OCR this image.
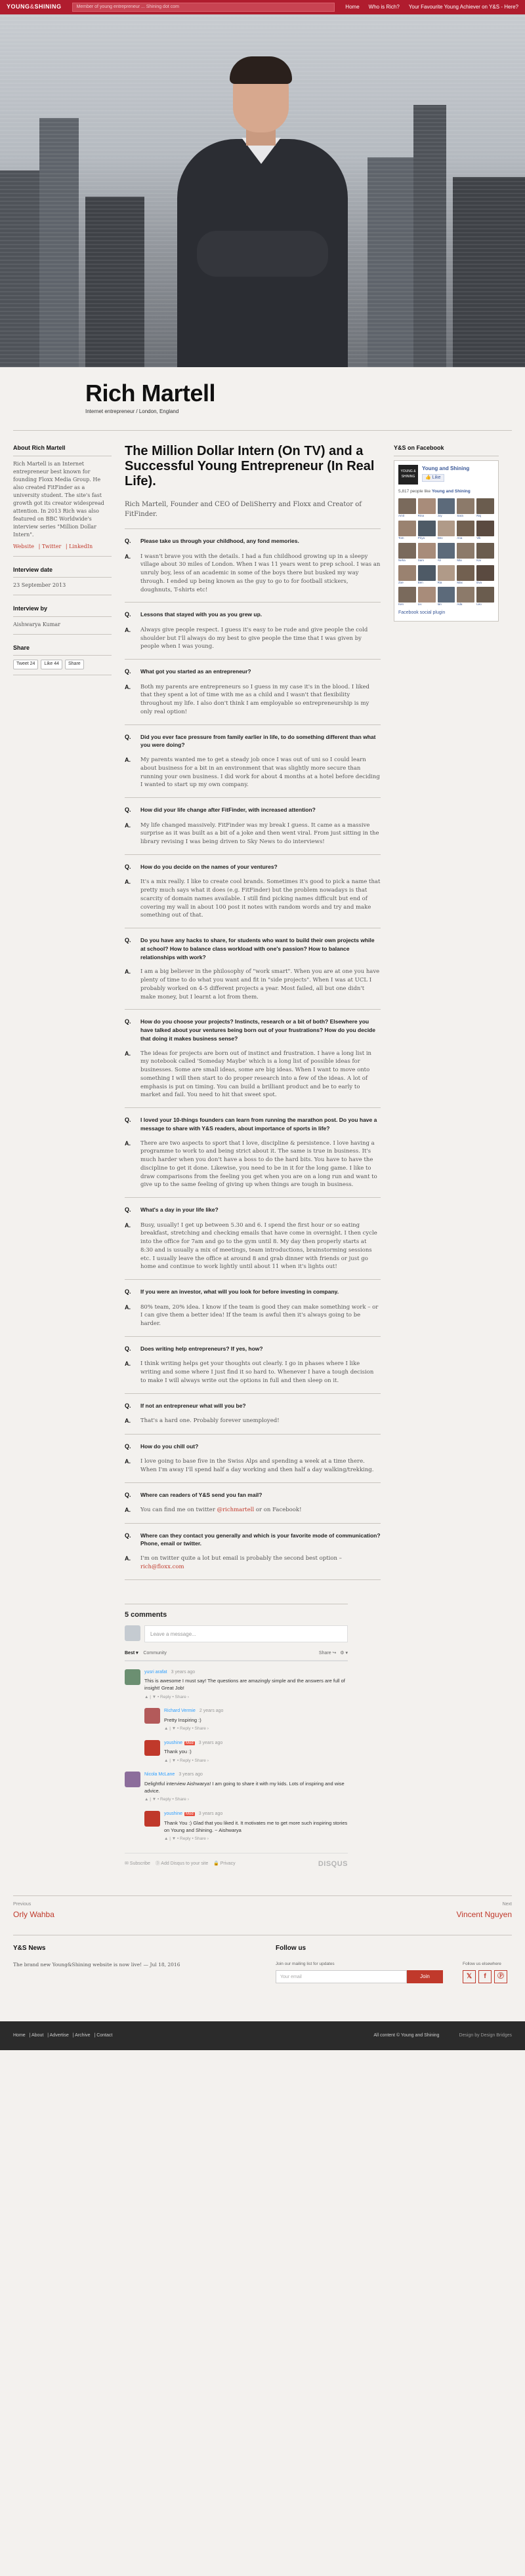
YOUNG&SHINING	Member of young entrepreneur ... Shining dot com	Home Who is Rich? Your Favourite Young Achiever on Y&S - Here?
Rich Martell
Internet entrepreneur / London, England
About Rich Martell

Rich Martell is an Internet entrepreneur best known for founding Floxx Media Group. He also created FitFinder as a university student. The site's fast growth got its creator widespread attention. In 2013 Rich was also featured on BBC Worldwide's interview series "Million Dollar Intern".

Website | Twitter | LinkedIn
Interview date
23 September 2013
Interview by
Aishwarya Kumar
Share
Tweet 24	Like 44	Share
The Million Dollar Intern (On TV) and a Successful Young Entrepreneur (In Real Life).
Rich Martell, Founder and CEO of DeliSherry and Floxx and Creator of FitFinder.
Q.	Please take us through your childhood, any fond memories.
A.	I wasn't brave you with the details. I had a fun childhood growing up in a sleepy village about 30 miles of London. When I was 11 years went to prep school. I was an unruly boy, less of an academic in some of the boys there but busked my way through. I ended up being known as the guy to go to for football stickers, doughnuts, T-shirts etc!
Q.	Lessons that stayed with you as you grew up.
A.	Always give people respect. I guess it's easy to be rude and give people the cold shoulder but I'll always do my best to give people the time that I was given by people when I was young.
Q.	What got you started as an entrepreneur?
A.	Both my parents are entrepreneurs so I guess in my case it's in the blood. I liked that they spent a lot of time with me as a child and I wasn't that flexibility throughout my life. I also don't think I am employable so entrepreneurship is my only real option!
Q.	Did you ever face pressure from family earlier in life, to do something different than what you were doing?
A.	My parents wanted me to get a steady job once I was out of uni so I could learn about business for a bit in an environment that was slightly more secure than running your own business. I did work for about 4 months at a hotel before deciding I wanted to start up my own company.
Q.	How did your life change after FitFinder, with increased attention?
A.	My life changed massively. FitFinder was my break I guess. It came as a massive surprise as it was built as a bit of a joke and then went viral. From just sitting in the library revising I was being driven to Sky News to do interviews!
Q.	How do you decide on the names of your ventures?
A.	It's a mix really. I like to create cool brands. Sometimes it's good to pick a name that pretty much says what it does (e.g. FitFinder) but the problem nowadays is that scarcity of domain names available. I still find picking names difficult but end of covering my wall in about 100 post it notes with random words and try and make something out of that.
Q.	Do you have any hacks to share, for students who want to build their own projects while at school? How to balance class workload with one's passion? How to balance relationships with work?
A.	I am a big believer in the philosophy of "work smart". When you are at one you have plenty of time to do what you want and fit in "side projects". When I was at UCL I probably worked on 4-5 different projects a year. Most failed, all but one didn't make money, but I learnt a lot from them.
Q.	How do you choose your projects? Instincts, research or a bit of both? Elsewhere you have talked about your ventures being born out of your frustrations? How do you decide that doing it makes business sense?
A.	The ideas for projects are born out of instinct and frustration. I have a long list in my notebook called 'Someday Maybe' which is a long list of possible ideas for businesses. Some are small ideas, some are big ideas. When I want to move onto something I will then start to do proper research into a few of the ideas. A lot of emphasis is put on timing. You can build a brilliant product and be to early to market and fail. You need to hit that sweet spot.
Q.	I loved your 10-things founders can learn from running the marathon post. Do you have a message to share with Y&S readers, about importance of sports in life?
A.	There are two aspects to sport that I love, discipline & persistence. I love having a programme to work to and being strict about it. The same is true in business. It's much harder when you don't have a boss to do the hard bits. You have to have the discipline to get it done. Likewise, you need to be in it for the long game. I like to draw comparisons from the feeling you get when you are on a long run and want to give up to the same feeling of giving up when things are tough in business.
Q.	What's a day in your life like?
A.	Busy, usually! I get up between 5.30 and 6. I spend the first hour or so eating breakfast, stretching and checking emails that have come in overnight. I then cycle into the office for 7am and go to the gym until 8. My day then properly starts at 8:30 and is usually a mix of meetings, team introductions, brainstorming sessions etc. I usually leave the office at around 8 and grab dinner with friends or just go home and continue to work lightly until about 11 when it's lights out!
Q.	If you were an investor, what will you look for before investing in company.
A.	80% team, 20% idea. I know if the team is good they can make something work – or I can give them a better idea! If the team is awful then it's always going to be harder.
Q.	Does writing help entrepreneurs? If yes, how?
A.	I think writing helps get your thoughts out clearly. I go in phases where I like writing and some where I just find it so hard to. Whenever I have a tough decision to make I will always write out the options in full and then sleep on it.
Q.	If not an entrepreneur what will you be?
A.	That's a hard one. Probably forever unemployed!
Q.	How do you chill out?
A.	I love going to base five in the Swiss Alps and spending a week at a time there. When I'm away I'll spend half a day working and then half a day walking/trekking.
Q.	Where can readers of Y&S send you fan mail?
A.	You can find me on twitter @richmartell or on Facebook!
Q.	Where can they contact you generally and which is your favorite mode of communication? Phone, email or twitter.
A.	I'm on twitter quite a lot but email is probably the second best option – rich@floxx.com
Y&S on Facebook
YOUNG & SHINING
Young and Shining
👍 Like
5,817 people like Young and Shining
Amit	Rina	Joy	Sara	Raj
Tom	Priya	Dev	Ana	Vik
Neha	Sam	Ali	Mia	Kai
Zoe	Ben	Ria	Max	Eva
Ken	Liv	Ian	Ada	Leo
Facebook social plugin
5 comments
Leave a message...
Best ▾ Community	Share ↪ ⚙ ▾
yusri arafat 3 years ago
This is awesome I must say! The questions are amazingly simple and the answers are full of insight! Great Job!
▲ | ▼ • Reply • Share ›
Richard Vermie 2 years ago
Pretty Inspiring :)
▲ | ▼ • Reply • Share ›
youshine Mod 3 years ago
Thank you :)
▲ | ▼ • Reply • Share ›
Nicola McLane 3 years ago
Delightful interview Aishwarya! I am going to share it with my kids. Lots of inspiring and wise advice.
▲ | ▼ • Reply • Share ›
youshine Mod 3 years ago
Thank You :) Glad that you liked it. It motivates me to get more such inspiring stories on Young and Shining. ~ Aishwarya
▲ | ▼ • Reply • Share ›
✉ Subscribe Ⓓ Add Disqus to your site 🔒 Privacy	DISQUS
Previous
Orly Wahba
Next
Vincent Nguyen
Y&S News
The brand new Young&Shining website is now live! — Jul 18, 2016
Follow us
Join our mailing list for updates
Your email	Join
Follow us elsewhere
𝕏	f	Ⓟ
Home | About | Advertise | Archive | Contact	All content © Young and Shining	Design by Design Bridges
